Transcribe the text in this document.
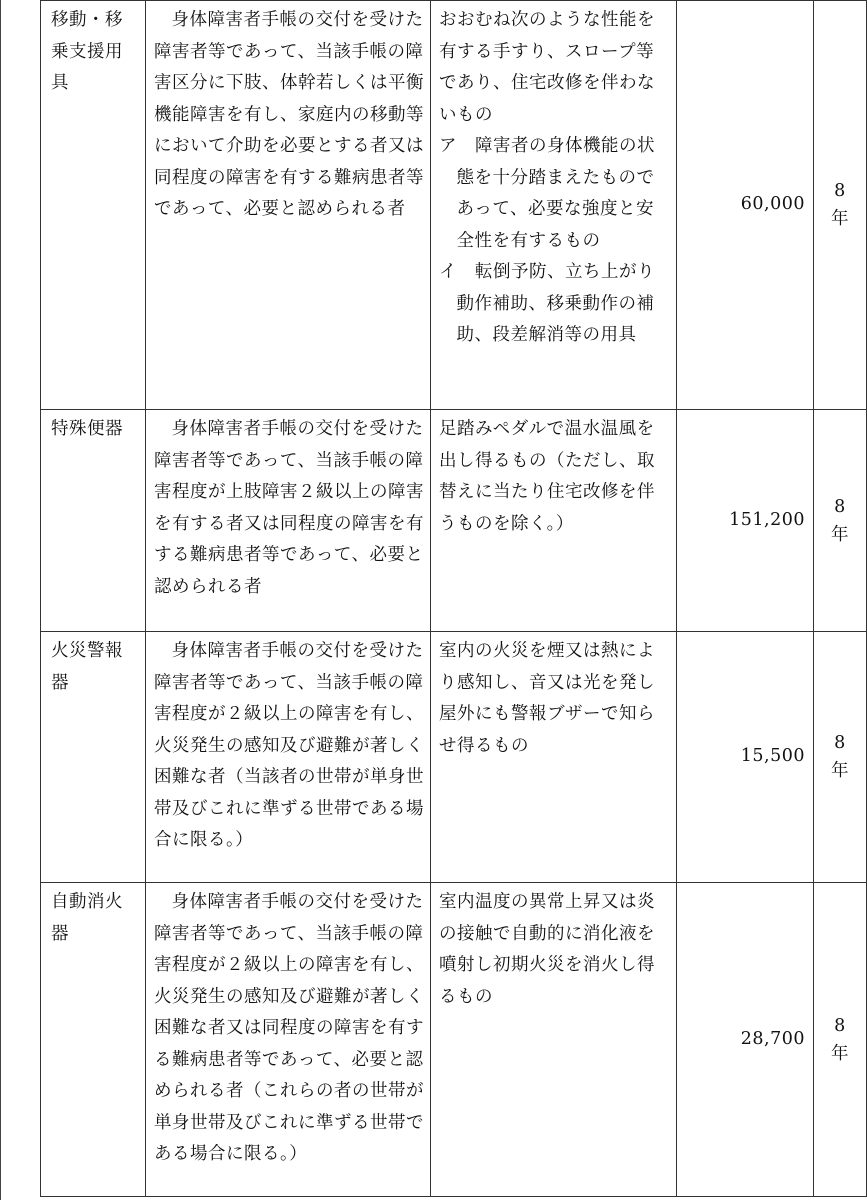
移動・移乗支援用具	身体障害者手帳の交付を受けた障害者等であって、当該手帳の障害区分に下肢、体幹若しくは平衡機能障害を有し、家庭内の移動等において介助を必要とする者又は同程度の障害を有する難病患者等であって、必要と認められる者	おおむね次のような性能を有する手すり、スロープ等であり、住宅改修を伴わないもの
ア　障害者の身体機能の状態を十分踏まえたものであって、必要な強度と安全性を有するもの
イ　転倒予防、立ち上がり動作補助、移乗動作の補助、段差解消等の用具	60,000	8
年

特殊便器	身体障害者手帳の交付を受けた障害者等であって、当該手帳の障害程度が上肢障害２級以上の障害を有する者又は同程度の障害を有する難病患者等であって、必要と認められる者	足踏みペダルで温水温風を出し得るもの（ただし、取替えに当たり住宅改修を伴うものを除く。）	151,200	8
年

火災警報器	身体障害者手帳の交付を受けた障害者等であって、当該手帳の障害程度が２級以上の障害を有し、火災発生の感知及び避難が著しく困難な者（当該者の世帯が単身世帯及びこれに準ずる世帯である場合に限る。）	室内の火災を煙又は熱により感知し、音又は光を発し屋外にも警報ブザーで知らせ得るもの	15,500	8
年

自動消火器	身体障害者手帳の交付を受けた障害者等であって、当該手帳の障害程度が２級以上の障害を有し、火災発生の感知及び避難が著しく困難な者又は同程度の障害を有する難病患者等であって、必要と認められる者（これらの者の世帯が単身世帯及びこれに準ずる世帯である場合に限る。）	室内温度の異常上昇又は炎の接触で自動的に消化液を噴射し初期火災を消火し得るもの	28,700	8
年
